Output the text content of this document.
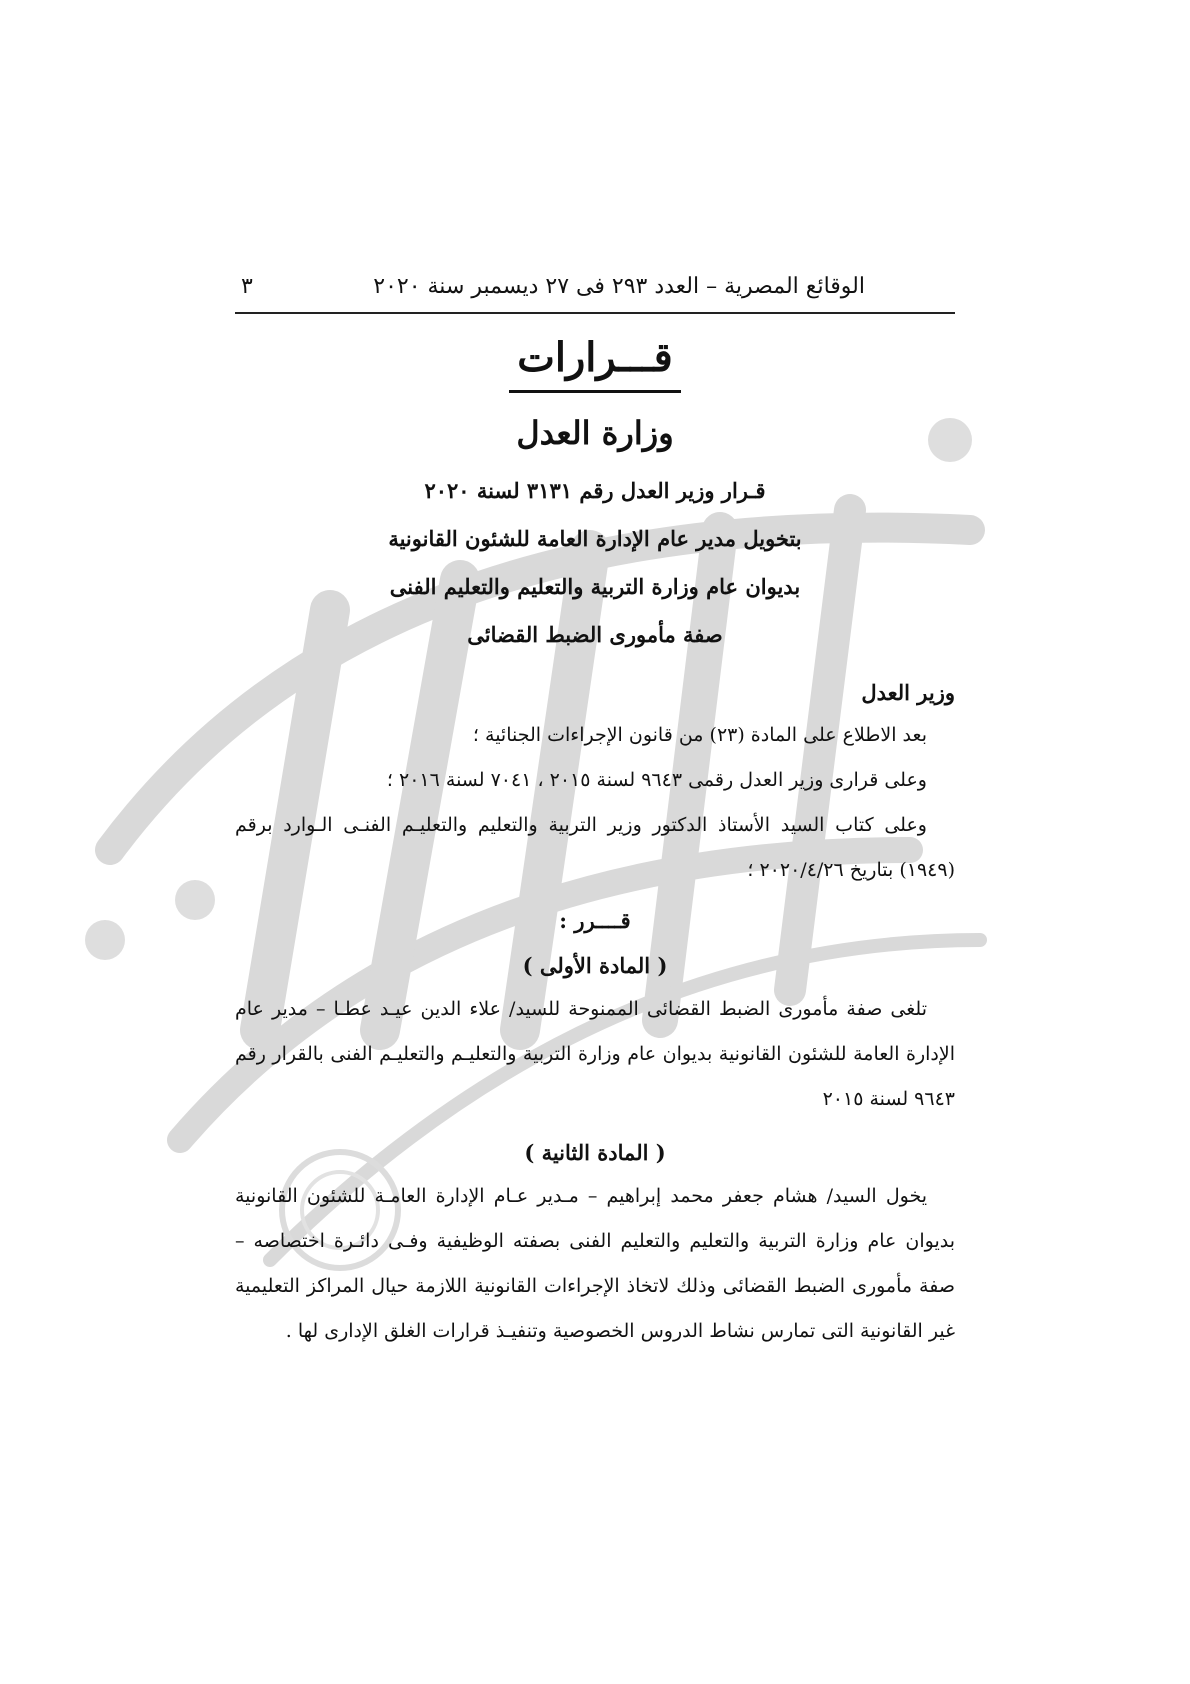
الوقائع المصرية – العدد ٢٩٣ فى ٢٧ ديسمبر سنة ٢٠٢٠
٣
قـــرارات
وزارة العدل
قـرار وزير العدل رقم ٣١٣١ لسنة ٢٠٢٠
بتخويل مدير عام الإدارة العامة للشئون القانونية
بديوان عام وزارة التربية والتعليم والتعليم الفنى
صفة مأمورى الضبط القضائى
وزير العدل

بعد الاطلاع على المادة (٢٣) من قانون الإجراءات الجنائية ؛

وعلى قرارى وزير العدل رقمى ٩٦٤٣ لسنة ٢٠١٥ ، ٧٠٤١ لسنة ٢٠١٦ ؛

وعلى كتاب السيد الأستاذ الدكتور وزير التربية والتعليم والتعليـم الفنـى الـوارد برقم (١٩٤٩) بتاريخ ٢٠٢٠/٤/٢٦ ؛

قــــرر :
( المادة الأولى )

تلغى صفة مأمورى الضبط القضائى الممنوحة للسيد/ علاء الدين عيـد عطـا – مدير عام الإدارة العامة للشئون القانونية بديوان عام وزارة التربية والتعليـم والتعليـم الفنى بالقرار رقم ٩٦٤٣ لسنة ٢٠١٥

( المادة الثانية )

يخول السيد/ هشام جعفر محمد إبراهيم – مـدير عـام الإدارة العامـة للشئون القانونية بديوان عام وزارة التربية والتعليم والتعليم الفنى بصفته الوظيفية وفـى دائـرة اختصاصه – صفة مأمورى الضبط القضائى وذلك لاتخاذ الإجراءات القانونية اللازمة حيال المراكز التعليمية غير القانونية التى تمارس نشاط الدروس الخصوصية وتنفيـذ قرارات الغلق الإدارى لها .
